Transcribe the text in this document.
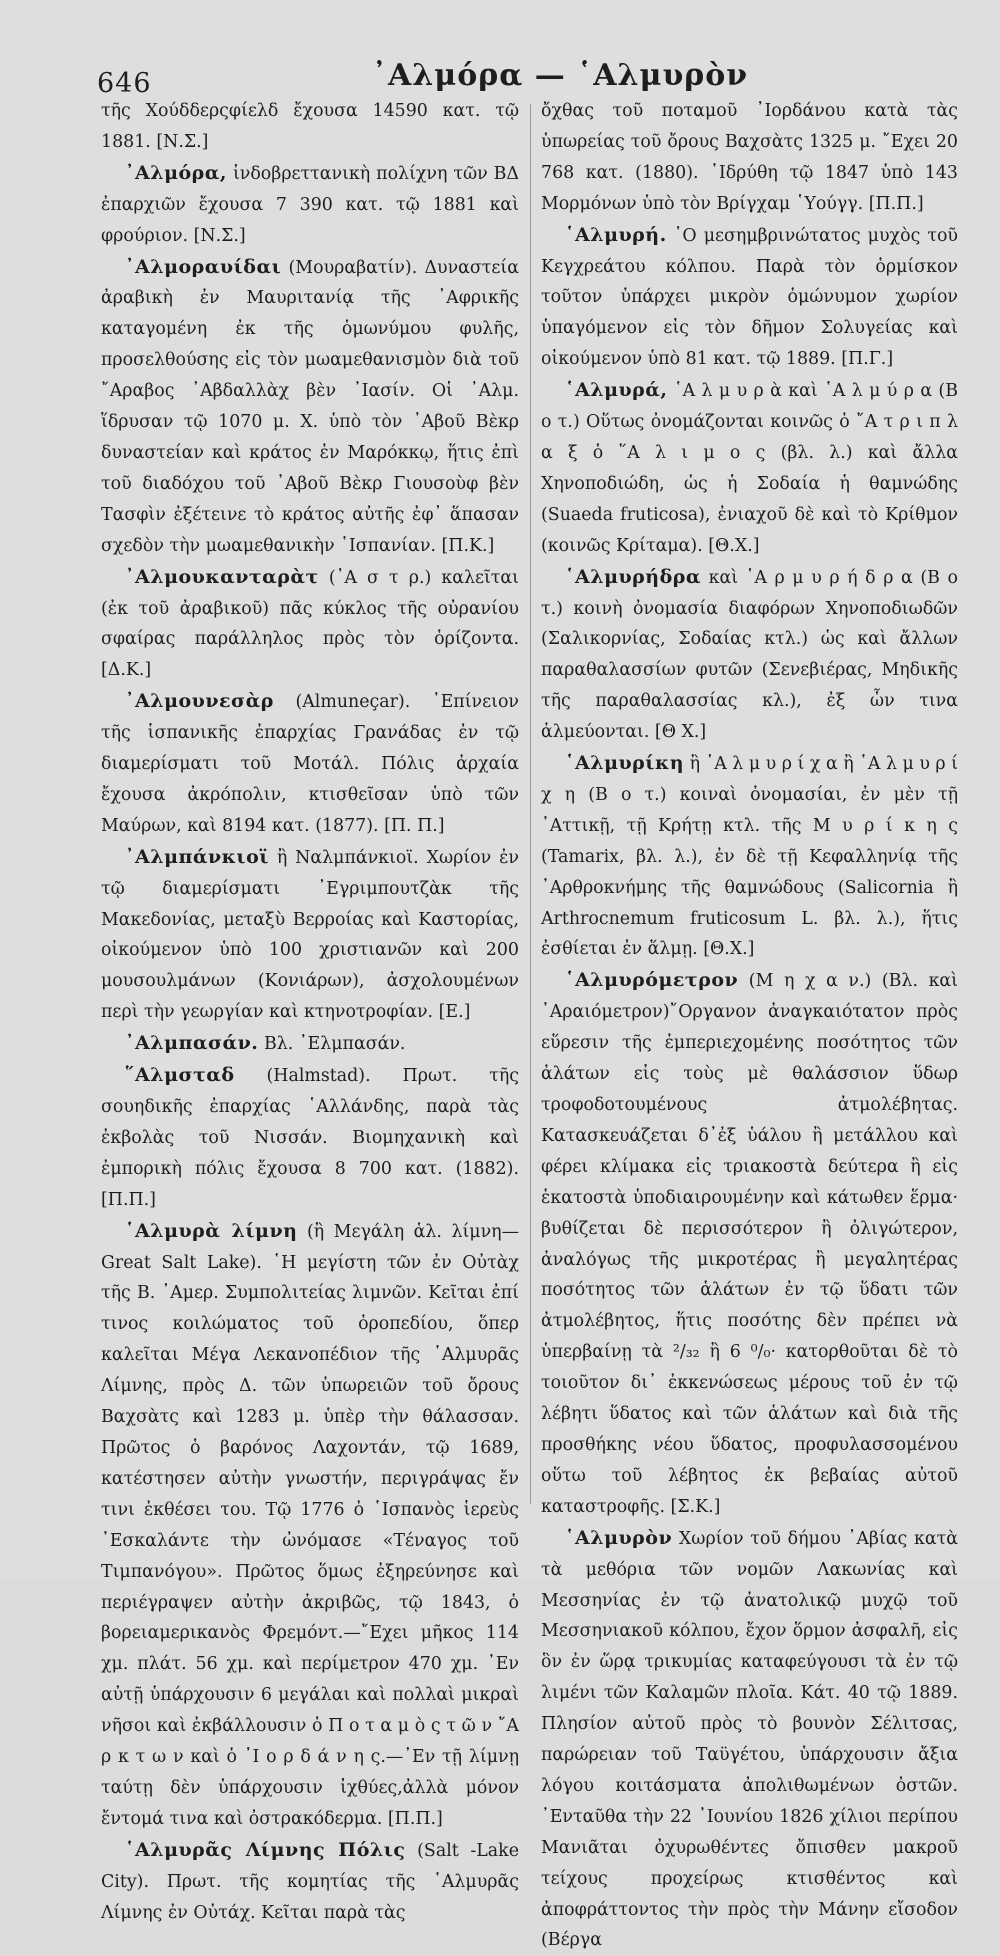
646	᾿Αλμόρα — ῾Αλμυρὸν

τῆς Χούδδερςφίελδ ἔχουσα 14590 κατ. τῷ 1881. [Ν.Σ.]

᾿Αλμόρα, ἰνδοβρεττανικὴ πολίχνη τῶν ΒΔ ἐπαρχιῶν ἔχουσα 7 390 κατ. τῷ 1881 καὶ φρούριον. [Ν.Σ.]

᾿Αλμοραυίδαι (Μουραβατίν). Δυναστεία ἀραβικὴ ἐν Μαυριτανίᾳ τῆς ᾿Αφρικῆς καταγομένη ἐκ τῆς ὁμωνύμου φυλῆς, προσελθούσης εἰς τὸν μωαμεθανισμὸν διὰ τοῦ ῎Αραβος ᾿Αβδαλλὰχ βὲν ᾿Ιασίν. Οἱ ᾿Αλμ. ἵδρυσαν τῷ 1070 μ. Χ. ὑπὸ τὸν ᾿Αβοῦ Βὲκρ δυναστείαν καὶ κράτος ἐν Μαρόκκῳ, ἥτις ἐπὶ τοῦ διαδόχου τοῦ ᾿Αβοῦ Βὲκρ Γιουσοὺφ βὲν Τασφὶν ἐξέτεινε τὸ κράτος αὐτῆς ἐφ᾿ ἅπασαν σχεδὸν τὴν μωαμεθανικὴν ῾Ισπανίαν. [Π.Κ.]

᾿Αλμουκανταρὰτ (᾿Α σ τ ρ.) καλεῖται (ἐκ τοῦ ἀραβικοῦ) πᾶς κύκλος τῆς οὐρανίου σφαίρας παράλληλος πρὸς τὸν ὁρίζοντα. [Δ.Κ.]

᾿Αλμουνεσὰρ (Almuneçar). ᾿Επίνειον τῆς ἱσπανικῆς ἐπαρχίας Γρανάδας ἐν τῷ διαμερίσματι τοῦ Μοτάλ. Πόλις ἀρχαία ἔχουσα ἀκρόπολιν, κτισθεῖσαν ὑπὸ τῶν Μαύρων, καὶ 8194 κατ. (1877). [Π. Π.]

᾿Αλμπάνκιοϊ ἢ Ναλμπάνκιοϊ. Χωρίον ἐν τῷ διαμερίσματι ᾿Εγριμπουτζὰκ τῆς Μακεδονίας, μεταξὺ Βερροίας καὶ Καστορίας, οἰκούμενον ὑπὸ 100 χριστιανῶν καὶ 200 μουσουλμάνων (Κονιάρων), ἀσχολουμένων περὶ τὴν γεωργίαν καὶ κτηνοτροφίαν. [Ε.]

᾿Αλμπασάν. Βλ. ᾿Ελμπασάν.

῞Αλμσταδ (Halmstad). Πρωτ. τῆς σουηδικῆς ἐπαρχίας ῾Αλλάνδης, παρὰ τὰς ἐκβολὰς τοῦ Νισσάν. Βιομηχανικὴ καὶ ἐμπορικὴ πόλις ἔχουσα 8 700 κατ. (1882). [Π.Π.]

῾Αλμυρὰ λίμνη (ἢ Μεγάλη ἁλ. λίμνη—Great Salt Lake). ῾Η μεγίστη τῶν ἐν Οὐτὰχ τῆς Β. ᾿Αμερ. Συμπολιτείας λιμνῶν. Κεῖται ἐπί τινος κοιλώματος τοῦ ὀροπεδίου, ὅπερ καλεῖται Μέγα Λεκανοπέδιον τῆς ῾Αλμυρᾶς Λίμνης, πρὸς Δ. τῶν ὑπωρειῶν τοῦ ὄρους Βαχσὰτς καὶ 1283 μ. ὑπὲρ τὴν θάλασσαν. Πρῶτος ὁ βαρόνος Λαχοντάν, τῷ 1689, κατέστησεν αὐτὴν γνωστήν, περιγράψας ἔν τινι ἐκθέσει του. Τῷ 1776 ὁ ῾Ισπανὸς ἱερεὺς ᾿Εσκαλάντε τὴν ὠνόμασε «Τέναγος τοῦ Τιμπανόγου». Πρῶτος ὅμως ἐξηρεύνησε καὶ περιέγραψεν αὐτὴν ἀκριβῶς, τῷ 1843, ὁ βορειαμερικανὸς Φρεμόντ.—῎Εχει μῆκος 114 χμ. πλάτ. 56 χμ. καὶ περίμετρον 470 χμ. ᾿Εν αὐτῇ ὑπάρχουσιν 6 μεγάλαι καὶ πολλαὶ μικραὶ νῆσοι καὶ ἐκβάλλουσιν ὁ Π ο τ α μ ὸ ς τ ῶ ν ῎Α ρ κ τ ω ν καὶ ὁ ᾿Ι ο ρ δ ά ν η ς.—᾿Εν τῇ λίμνῃ ταύτῃ δὲν ὑπάρχουσιν ἰχθύες,ἀλλὰ μόνον ἔντομά τινα καὶ ὀστρακόδερμα. [Π.Π.]

῾Αλμυρᾶς Λίμνης Πόλις (Salt -Lake City). Πρωτ. τῆς κομητίας τῆς ῾Αλμυρᾶς Λίμνης ἐν Οὐτάχ. Κεῖται παρὰ τὰς

ὄχθας τοῦ ποταμοῦ ᾿Ιορδάνου κατὰ τὰς ὑπωρείας τοῦ ὄρους Βαχσὰτς 1325 μ. ῎Εχει 20 768 κατ. (1880). ῾Ιδρύθη τῷ 1847 ὑπὸ 143 Μορμόνων ὑπὸ τὸν Βρίγχαμ ῾Υούγγ. [Π.Π.]

῾Αλμυρή. ῾Ο μεσημβρινώτατος μυχὸς τοῦ Κεγχρεάτου κόλπου. Παρὰ τὸν ὁρμίσκον τοῦτον ὑπάρχει μικρὸν ὁμώνυμον χωρίον ὑπαγόμενον εἰς τὸν δῆμον Σολυγείας καὶ οἰκούμενον ὑπὸ 81 κατ. τῷ 1889. [Π.Γ.]

῾Αλμυρά, ῾Α λ μ υ ρ ὰ καὶ ῾Α λ μ ύ ρ α (Β ο τ.) Οὕτως ὀνομάζονται κοινῶς ὁ ῎Α τ ρ ι π λ α ξ ὁ ῞Α λ ι μ ο ς (βλ. λ.) καὶ ἄλλα Χηνοποδιώδη, ὡς ἡ Σοδαία ἡ θαμνώδης (Suaeda fruticosa), ἐνιαχοῦ δὲ καὶ τὸ Κρίθμον (κοινῶς Κρίταμα). [Θ.Χ.]

῾Αλμυρήδρα καὶ ῾Α ρ μ υ ρ ή δ ρ α (Β ο τ.) κοινὴ ὀνομασία διαφόρων Χηνοποδιωδῶν (Σαλικορνίας, Σοδαίας κτλ.) ὡς καὶ ἄλλων παραθαλασσίων φυτῶν (Σενεβιέρας, Μηδικῆς τῆς παραθαλασσίας κλ.), ἐξ ὧν τινα ἁλμεύονται. [Θ Χ.]

῾Αλμυρίκη ἢ ῾Α λ μ υ ρ ί χ α ἢ ῾Α λ μ υ ρ ί χ η (Β ο τ.) κοιναὶ ὀνομασίαι, ἐν μὲν τῇ ᾿Αττικῇ, τῇ Κρήτῃ κτλ. τῆς Μ υ ρ ί κ η ς (Tamarix, βλ. λ.), ἐν δὲ τῇ Κεφαλληνίᾳ τῆς ᾿Αρθροκνήμης τῆς θαμνώδους (Salicornia ἢ Arthrocnemum fruticosum L. βλ. λ.), ἥτις ἐσθίεται ἐν ἅλμῃ. [Θ.Χ.]

῾Αλμυρόμετρον (Μ η χ α ν.) (Βλ. καὶ ᾿Αραιόμετρον)῎Οργανον ἀναγκαιότατον πρὸς εὕρεσιν τῆς ἐμπεριεχομένης ποσότητος τῶν ἁλάτων εἰς τοὺς μὲ θαλάσσιον ὕδωρ τροφοδοτουμένους ἀτμολέβητας. Κατασκευάζεται δ᾿ἐξ ὑάλου ἢ μετάλλου καὶ φέρει κλίμακα εἰς τριακοστὰ δεύτερα ἢ εἰς ἑκατοστὰ ὑποδιαιρουμένην καὶ κάτωθεν ἕρμα· βυθίζεται δὲ περισσότερον ἢ ὀλιγώτερον, ἀναλόγως τῆς μικροτέρας ἢ μεγαλητέρας ποσότητος τῶν ἁλάτων ἐν τῷ ὕδατι τῶν ἀτμολέβητος, ἥτις ποσότης δὲν πρέπει νὰ ὑπερβαίνῃ τὰ ²/₃₂ ἢ 6 ⁰/₀· κατορθοῦται δὲ τὸ τοιοῦτον δι᾿ ἐκκενώσεως μέρους τοῦ ἐν τῷ λέβητι ὕδατος καὶ τῶν ἁλάτων καὶ διὰ τῆς προσθήκης νέου ὕδατος, προφυλασσομένου οὕτω τοῦ λέβητος ἐκ βεβαίας αὐτοῦ καταστροφῆς. [Σ.Κ.]

῾Αλμυρὸν Χωρίον τοῦ δήμου ᾿Αβίας κατὰ τὰ μεθόρια τῶν νομῶν Λακωνίας καὶ Μεσσηνίας ἐν τῷ ἀνατολικῷ μυχῷ τοῦ Μεσσηνιακοῦ κόλπου, ἔχον ὅρμον ἀσφαλῆ, εἰς ὃν ἐν ὥρᾳ τρικυμίας καταφεύγουσι τὰ ἐν τῷ λιμένι τῶν Καλαμῶν πλοῖα. Κάτ. 40 τῷ 1889. Πλησίον αὐτοῦ πρὸς τὸ βουνὸν Σέλιτσας, παρώρειαν τοῦ Ταϋγέτου, ὑπάρχουσιν ἄξια λόγου κοιτάσματα ἀπολιθωμένων ὀστῶν. ᾿Ενταῦθα τὴν 22 ᾿Ιουνίου 1826 χίλιοι περίπου Μανιᾶται ὀχυρωθέντες ὄπισθεν μακροῦ τείχους προχείρως κτισθέντος καὶ ἀποφράττοντος τὴν πρὸς τὴν Μάνην εἴσοδον (Βέργα
